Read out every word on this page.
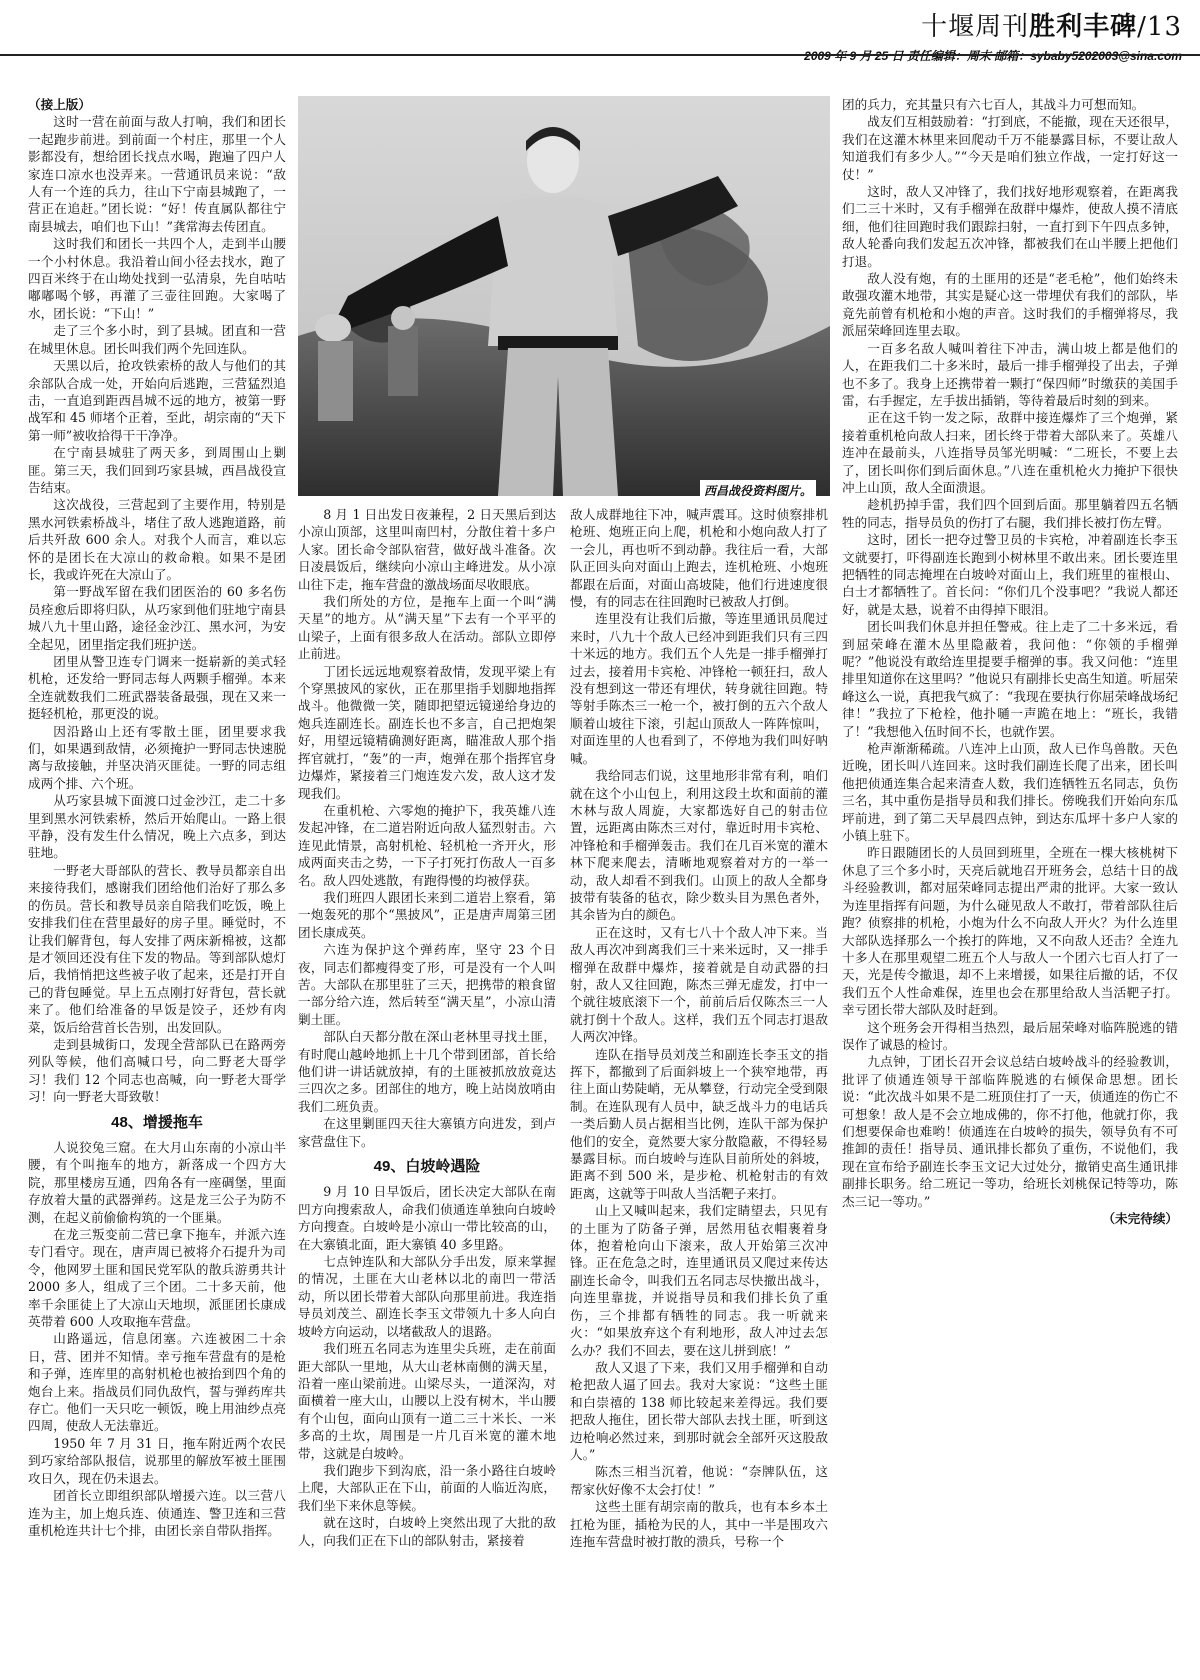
十堰周刊胜利丰碑/13
2009 年 9 月 25 日 责任编辑：周末 邮箱：sybaby5202003@sina.com
西昌战役资料图片。

（接上版）

这时一营在前面与敌人打响，我们和团长一起跑步前进。到前面一个村庄，那里一个人影都没有，想给团长找点水喝，跑遍了四户人家连口凉水也没弄来。一营通讯员来说：“敌人有一个连的兵力，往山下宁南县城跑了，一营正在追赶。”团长说：“好！传直属队都往宁南县城去，咱们也下山！”龚常海去传团直。

这时我们和团长一共四个人，走到半山腰一个小村休息。我沿着山间小径去找水，跑了四百米终于在山坳处找到一弘清泉，先自咕咕嘟嘟喝个够，再灌了三壶往回跑。大家喝了水，团长说：“下山！”

走了三个多小时，到了县城。团直和一营在城里休息。团长叫我们两个先回连队。

天黑以后，抢攻铁索桥的敌人与他们的其余部队合成一处，开始向后逃跑，三营猛烈追击，一直追到距西昌城不远的地方，被第一野战军和 45 师堵个正着，至此，胡宗南的“天下第一师”被收拾得干干净净。

在宁南县城驻了两天多，到周围山上剿匪。第三天，我们回到巧家县城，西昌战役宣告结束。

这次战役，三营起到了主要作用，特别是黑水河铁索桥战斗，堵住了敌人逃跑道路，前后共歼敌 600 余人。对我个人而言，难以忘怀的是团长在大凉山的救命粮。如果不是团长，我或许死在大凉山了。

第一野战军留在我们团医治的 60 多名伤员痊愈后即将归队，从巧家到他们驻地宁南县城八九十里山路，途径金沙江、黑水河，为安全起见，团里指定我们班护送。

团里从警卫连专门调来一挺崭新的美式轻机枪，还发给一野同志每人两颗手榴弹。本来全连就数我们二班武器装备最强，现在又来一挺轻机枪，那更没的说。

因沿路山上还有零散土匪，团里要求我们，如果遇到敌情，必须掩护一野同志快速脱离与敌接触，并坚决消灭匪徒。一野的同志组成两个排、六个班。

从巧家县城下面渡口过金沙江，走二十多里到黑水河铁索桥，然后开始爬山。一路上很平静，没有发生什么情况，晚上六点多，到达驻地。

一野老大哥部队的营长、教导员都亲自出来接待我们，感谢我们团给他们治好了那么多的伤员。营长和教导员亲自陪我们吃饭，晚上安排我们住在营里最好的房子里。睡觉时，不让我们解背包，每人安排了两床新棉被，这都是才领回还没有住下发的物品。等到部队熄灯后，我悄悄把这些被子收了起来，还是打开自己的背包睡觉。早上五点刚打好背包，营长就来了。他们给准备的早饭是饺子，还炒有肉菜，饭后给营首长告别，出发回队。

走到县城街口，发现全营部队已在路两旁列队等候，他们高喊口号，向二野老大哥学习！我们 12 个同志也高喊，向一野老大哥学习！向一野老大哥致敬！

48、增援拖车

人说狡兔三窟。在大月山东南的小凉山半腰，有个叫拖车的地方，新落成一个四方大院，那里楼房互通，四角各有一座碉堡，里面存放着大量的武器弹药。这是龙三公子为防不测，在起义前偷偷构筑的一个匪巢。

在龙三叛变前二营已拿下拖车，并派六连专门看守。现在，唐声周已被将介石提升为司令，他网罗土匪和国民党军队的散兵游勇共计 2000 多人，组成了三个团。二十多天前，他率千余匪徒上了大凉山天地坝，派匪团长康成英带着 600 人攻取拖车营盘。

山路遥远，信息闭塞。六连被困二十余日，营、团并不知情。幸亏拖车营盘有的是枪和子弹，连库里的高射机枪也被抬到四个角的炮台上来。指战员们同仇敌忾，誓与弹药库共存亡。他们一天只吃一顿饭，晚上用油纱点亮四周，使敌人无法靠近。

1950 年 7 月 31 日，拖车附近两个农民到巧家给部队报信，说那里的解放军被土匪围攻日久，现在仍未退去。

团首长立即组织部队增援六连。以三营八连为主，加上炮兵连、侦通连、警卫连和三营重机枪连共计七个排，由团长亲自带队指挥。

8 月 1 日出发日夜兼程，2 日天黑后到达小凉山顶部，这里叫南凹村，分散住着十多户人家。团长命令部队宿营，做好战斗准备。次日凌晨饭后，继续向小凉山主峰进发。从小凉山往下走，拖车营盘的激战场面尽收眼底。

我们所处的方位，是拖车上面一个叫“满天星”的地方。从“满天星”下去有一个平平的山梁子，上面有很多敌人在活动。部队立即停止前进。

丁团长远远地观察着敌情，发现平梁上有个穿黑披风的家伙，正在那里指手划脚地指挥战斗。他微微一笑，随即把望远镜递给身边的炮兵连副连长。副连长也不多言，自己把炮架好，用望远镜精确测好距离，瞄准敌人那个指挥官就打，“轰”的一声，炮弹在那个指挥官身边爆炸，紧接着三门炮连发六发，敌人这才发现我们。

在重机枪、六零炮的掩护下，我英雄八连发起冲锋，在二道岩附近向敌人猛烈射击。六连见此情景，高射机枪、轻机枪一齐开火，形成两面夹击之势，一下子打死打伤敌人一百多名。敌人四处逃散，有跑得慢的均被俘获。

我们班四人跟团长来到二道岩上察看，第一炮轰死的那个“黑披风”，正是唐声周第三团团长康成英。

六连为保护这个弹药库，坚守 23 个日夜，同志们都瘦得变了形，可是没有一个人叫苦。大部队在那里驻了三天，把携带的粮食留一部分给六连，然后转至“满天星”，小凉山清剿土匪。

部队白天都分散在深山老林里寻找土匪，有时爬山越岭地抓上十几个带到团部，首长给他们讲一讲话就放掉，有的土匪被抓放放竟达三四次之多。团部住的地方，晚上站岗放哨由我们二班负责。

在这里剿匪四天往大寨镇方向进发，到卢家营盘住下。

49、白坡岭遇险

9 月 10 日早饭后，团长决定大部队在南凹方向搜索敌人，命我们侦通连单独向白坡岭方向搜查。白坡岭是小凉山一带比较高的山，在大寨镇北面，距大寨镇 40 多里路。

七点钟连队和大部队分手出发，原来掌握的情况，土匪在大山老林以北的南凹一带活动，所以团长带着大部队向那里前进。我连指导员刘茂兰、副连长李玉文带领九十多人向白坡岭方向运动，以堵截敌人的退路。

我们班五名同志为连里尖兵班，走在前面距大部队一里地，从大山老林南侧的满天星，沿着一座山梁前进。山梁尽头，一道深沟，对面横着一座大山，山腰以上没有树木，半山腰有个山包，面向山顶有一道二三十米长、一米多高的土坎，周围是一片几百米宽的灌木地带，这就是白坡岭。

我们跑步下到沟底，沿一条小路往白坡岭上爬，大部队正在下山，前面的人临近沟底，我们坐下来休息等候。

就在这时，白坡岭上突然出现了大批的敌人，向我们正在下山的部队射击，紧接着

敌人成群地往下冲，喊声震耳。这时侦察排机枪班、炮班正向上爬，机枪和小炮向敌人打了一会儿，再也听不到动静。我往后一看，大部队正回头向对面山上跑去，连机枪班、小炮班都跟在后面，对面山高坡陡，他们行进速度很慢，有的同志在往回跑时已被敌人打倒。

连里没有让我们后撤，等连里通讯员爬过来时，八九十个敌人已经冲到距我们只有三四十米远的地方。我们五个人先是一排手榴弹打过去，接着用卡宾枪、冲锋枪一顿狂扫，敌人没有想到这一带还有埋伏，转身就往回跑。特等射手陈杰三一枪一个，被打倒的五六个敌人顺着山坡往下滚，引起山顶敌人一阵阵惊叫，对面连里的人也看到了，不停地为我们叫好呐喊。

我给同志们说，这里地形非常有利，咱们就在这个小山包上，利用这段土坎和面前的灌木林与敌人周旋，大家都选好自己的射击位置，远距离由陈杰三对付，靠近时用卡宾枪、冲锋枪和手榴弹轰击。我们在几百米宽的灌木林下爬来爬去，清晰地观察着对方的一举一动，敌人却看不到我们。山顶上的敌人全都身披带有装备的毡衣，除少数头目为黑色者外，其余皆为白的颜色。

正在这时，又有七八十个敌人冲下来。当敌人再次冲到离我们三十来米远时，又一排手榴弹在敌群中爆炸，接着就是自动武器的扫射，敌人又往回跑，陈杰三弹无虚发，打中一个就往坡底滚下一个，前前后后仅陈杰三一人就打倒十个敌人。这样，我们五个同志打退敌人两次冲锋。

连队在指导员刘茂兰和副连长李玉文的指挥下，都撤到了后面斜坡上一个狭窄地带，再往上面山势陡峭，无从攀登，行动完全受到限制。在连队现有人员中，缺乏战斗力的电话兵一类后勤人员占据相当比例，连队干部为保护他们的安全，竟然要大家分散隐蔽，不得轻易暴露目标。而白坡岭与连队目前所处的斜坡，距离不到 500 米，是步枪、机枪射击的有效距离，这就等于叫敌人当活靶子来打。

山上又喊叫起来，我们定睛望去，只见有的土匪为了防备子弹，居然用毡衣帽裹着身体，抱着枪向山下滚来，敌人开始第三次冲锋。正在危急之时，连里通讯员又爬过来传达副连长命令，叫我们五名同志尽快撤出战斗，向连里靠拢，并说指导员和我们排长负了重伤，三个排都有牺牲的同志。我一听就来火：“如果放弃这个有利地形，敌人冲过去怎么办？我们不回去，要在这儿拼到底！”

敌人又退了下来，我们又用手榴弹和自动枪把敌人逼了回去。我对大家说：“这些土匪和白崇禧的 138 师比较起来差得远。我们要把敌人拖住，团长带大部队去找土匪，听到这边枪响必然过来，到那时就会全部歼灭这股敌人。”

陈杰三相当沉着，他说：“奈牌队伍，这帮家伙好像不太会打仗！”

这些土匪有胡宗南的散兵，也有本乡本土扛枪为匪，插枪为民的人，其中一半是围攻六连拖车营盘时被打散的溃兵，号称一个

团的兵力，充其量只有六七百人，其战斗力可想而知。

战友们互相鼓励着：“打到底，不能撤，现在天还很早，我们在这灌木林里来回爬动千万不能暴露目标，不要让敌人知道我们有多少人。”“今天是咱们独立作战，一定打好这一仗！”

这时，敌人又冲锋了，我们找好地形观察着，在距离我们二三十米时，又有手榴弹在敌群中爆炸，使敌人摸不清底细，他们往回跑时我们跟踪扫射，一直打到下午四点多钟，敌人轮番向我们发起五次冲锋，都被我们在山半腰上把他们打退。

敌人没有炮，有的土匪用的还是“老毛枪”，他们始终未敢强攻灌木地带，其实是疑心这一带埋伏有我们的部队，毕竟先前曾有机枪和小炮的声音。这时我们的手榴弹将尽，我派屈荣峰回连里去取。

一百多名敌人喊叫着往下冲击，满山坡上都是他们的人，在距我们二十多米时，最后一排手榴弹投了出去，子弹也不多了。我身上还携带着一颗打“保四师”时缴获的美国手雷，右手握定，左手拔出插销，等待着最后时刻的到来。

正在这千钧一发之际，敌群中接连爆炸了三个炮弹，紧接着重机枪向敌人扫来，团长终于带着大部队来了。英雄八连冲在最前头，八连指导员邹光明喊：“二班长，不要上去了，团长叫你们到后面休息。”八连在重机枪火力掩护下很快冲上山顶，敌人全面溃退。

趁机扔掉手雷，我们四个回到后面。那里躺着四五名牺牲的同志，指导员负的伤打了右腿，我们排长被打伤左臂。

这时，团长一把夺过警卫员的卡宾枪，冲着副连长李玉文就要打，吓得副连长跑到小树林里不敢出来。团长要连里把牺牲的同志掩埋在白坡岭对面山上，我们班里的崔根山、白士才都牺牲了。首长问：“你们几个没事吧？”我说人都还好，就是太悬，说着不由得掉下眼泪。

团长叫我们休息并担任警戒。往上走了二十多米远，看到屈荣峰在灌木丛里隐蔽着，我问他：“你领的手榴弹呢？”他说没有敢给连里提要手榴弹的事。我又问他：“连里排里知道你在这里吗？”他说只有副排长史高生知道。听屈荣峰这么一说，真把我气疯了：“我现在要执行你屈荣峰战场纪律！”我拉了下枪栓，他扑嗵一声跪在地上：“班长，我错了！”我想他入伍时间不长，也就作罢。

枪声渐渐稀疏。八连冲上山顶，敌人已作鸟兽散。天色近晚，团长叫八连回来。这时我们副连长爬了出来，团长叫他把侦通连集合起来清查人数，我们连牺牲五名同志，负伤三名，其中重伤是指导员和我们排长。傍晚我们开始向东瓜坪前进，到了第二天早晨四点钟，到达东瓜坪十多户人家的小镇上驻下。

昨日跟随团长的人员回到班里，全班在一棵大核桃树下休息了三个多小时，天亮后就地召开班务会，总结十日的战斗经验教训，都对屈荣峰同志提出严肃的批评。大家一致认为连里指挥有问题，为什么碰见敌人不敢打，带着部队往后跑？侦察排的机枪，小炮为什么不向敌人开火？为什么连里大部队选择那么一个挨打的阵地，又不向敌人还击？全连九十多人在那里观望二班五个人与敌人一个团六七百人打了一天，光是传令撤退，却不上来增援，如果往后撤的话，不仅我们五个人性命难保，连里也会在那里给敌人当活靶子打。幸亏团长带大部队及时赶到。

这个班务会开得相当热烈，最后屈荣峰对临阵脱逃的错误作了诚恳的检讨。

九点钟，丁团长召开会议总结白坡岭战斗的经验教训，批评了侦通连领导干部临阵脱逃的右倾保命思想。团长说：“此次战斗如果不是二班顶住打了一天，侦通连的伤亡不可想象！敌人是不会立地成佛的，你不打他，他就打你，我们想要保命也难哟！侦通连在白坡岭的损失，领导负有不可推卸的责任！指导员、通讯排长都负了重伤，不说他们，我现在宣布给予副连长李玉文记大过处分，撤销史高生通讯排副排长职务。给二班记一等功，给班长刘桃保记特等功，陈杰三记一等功。”

（未完待续）
